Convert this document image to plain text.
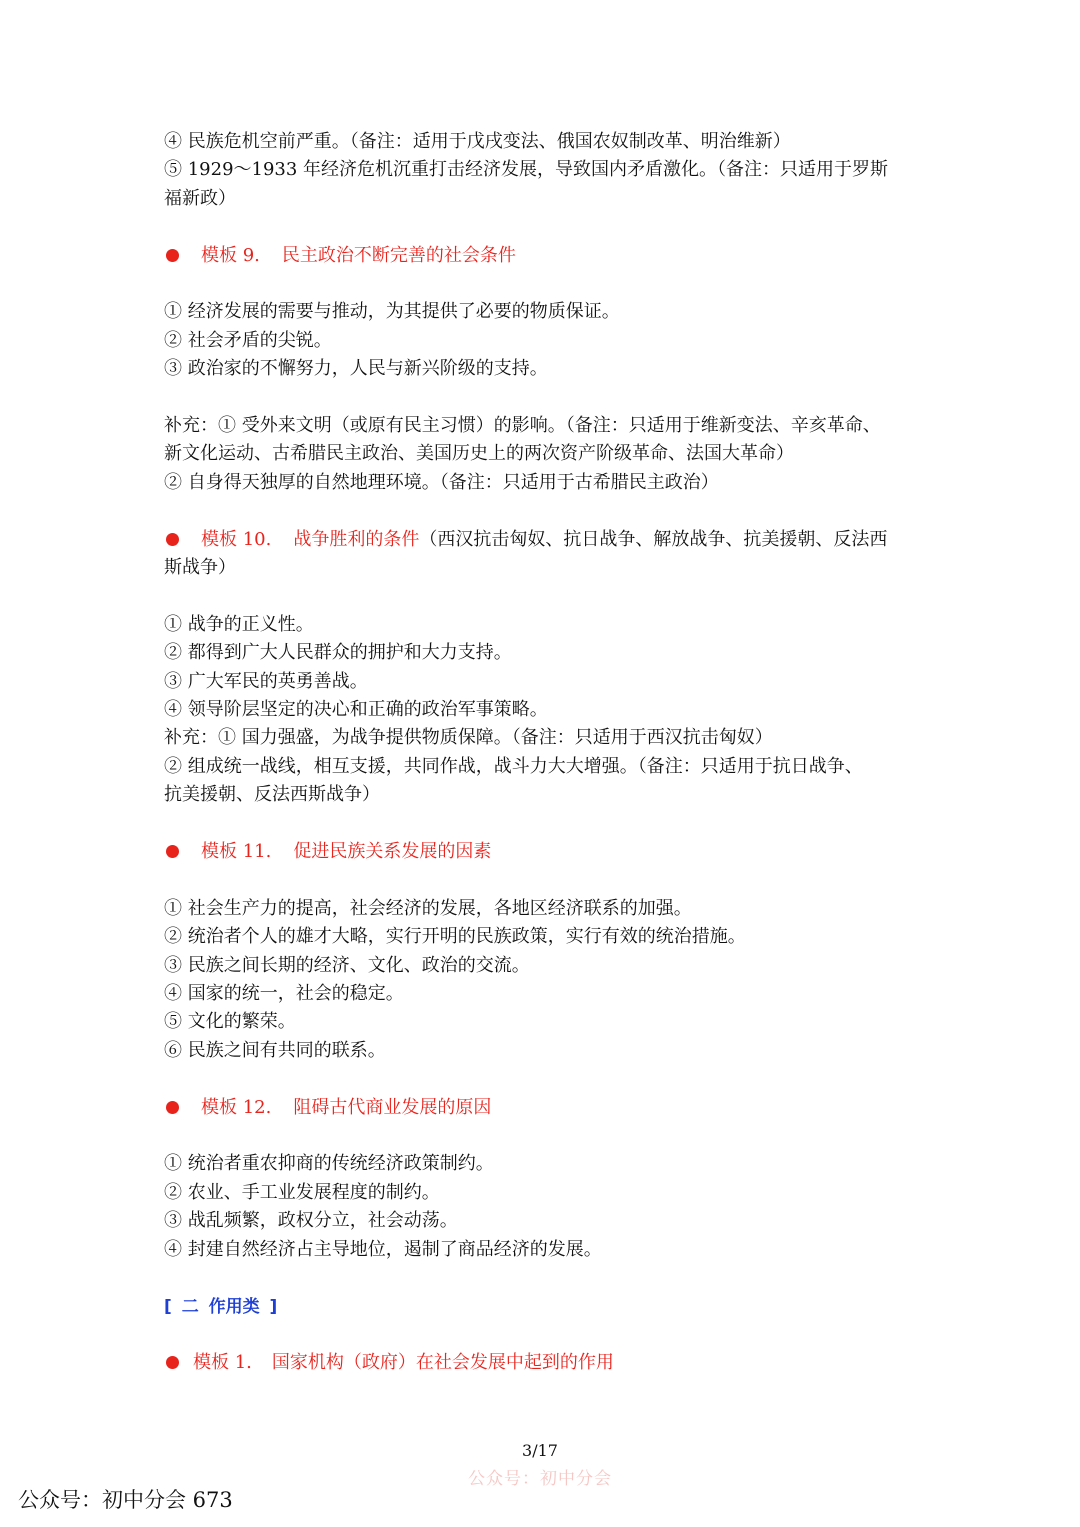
④ 民族危机空前严重。（备注：适用于戊戌变法、俄国农奴制改革、明治维新）

⑤ 1929～1933 年经济危机沉重打击经济发展，导致国内矛盾激化。（备注：只适用于罗斯

福新政）

模板 9. 民主政治不断完善的社会条件

① 经济发展的需要与推动，为其提供了必要的物质保证。

② 社会矛盾的尖锐。

③ 政治家的不懈努力，人民与新兴阶级的支持。

补充：① 受外来文明（或原有民主习惯）的影响。（备注：只适用于维新变法、辛亥革命、

新文化运动、古希腊民主政治、美国历史上的两次资产阶级革命、法国大革命）

② 自身得天独厚的自然地理环境。（备注：只适用于古希腊民主政治）

模板 10. 战争胜利的条件（西汉抗击匈奴、抗日战争、解放战争、抗美援朝、反法西

斯战争）

① 战争的正义性。

② 都得到广大人民群众的拥护和大力支持。

③ 广大军民的英勇善战。

④ 领导阶层坚定的决心和正确的政治军事策略。

补充：① 国力强盛，为战争提供物质保障。（备注：只适用于西汉抗击匈奴）

② 组成统一战线，相互支援，共同作战，战斗力大大增强。（备注：只适用于抗日战争、

抗美援朝、反法西斯战争）

模板 11. 促进民族关系发展的因素

① 社会生产力的提高，社会经济的发展，各地区经济联系的加强。

② 统治者个人的雄才大略，实行开明的民族政策，实行有效的统治措施。

③ 民族之间长期的经济、文化、政治的交流。

④ 国家的统一，社会的稳定。

⑤ 文化的繁荣。

⑥ 民族之间有共同的联系。

模板 12. 阻碍古代商业发展的原因

① 统治者重农抑商的传统经济政策制约。

② 农业、手工业发展程度的制约。

③ 战乱频繁，政权分立，社会动荡。

④ 封建自然经济占主导地位，遏制了商品经济的发展。

[ 二 作用类 ]

模板 1. 国家机构（政府）在社会发展中起到的作用

3/17
公众号：初中分会
公众号：初中分会 673
